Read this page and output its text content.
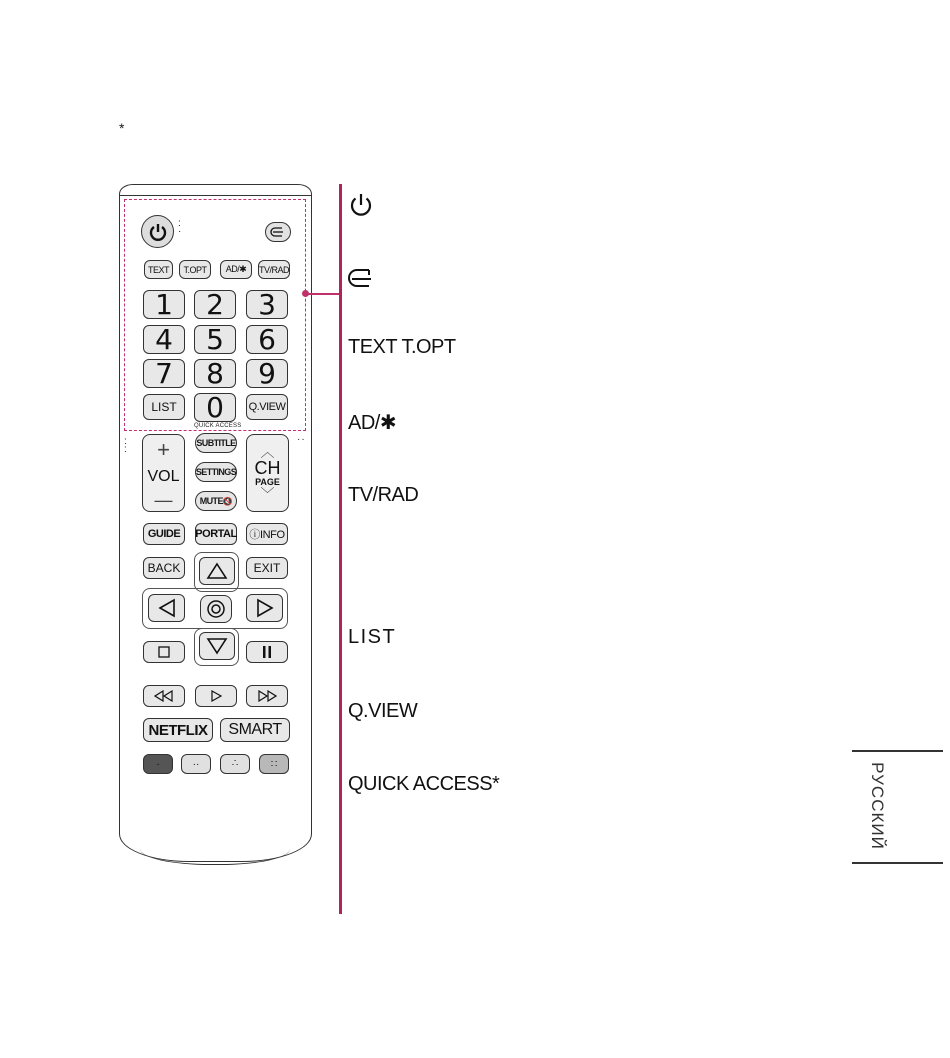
*
:
·
TEXT	T.OPT	AD/✱	TV/RAD
1	2	3
4	5	6
7	8	9
LIST	0	Q.VIEW
QUICK ACCESS
:
:
··
+
VOL
—
SUBTITLE
SETTINGS
MUTE 🔇
︿
CH
PAGE
﹀
GUIDE	PORTAL	ⓘINFO
BACK	EXIT
NETFLIX	SMART
·	··	∴	∷
TEXT T.OPT
AD/✱
TV/RAD
LIST
Q.VIEW
QUICK ACCESS*	РУССКИЙ
